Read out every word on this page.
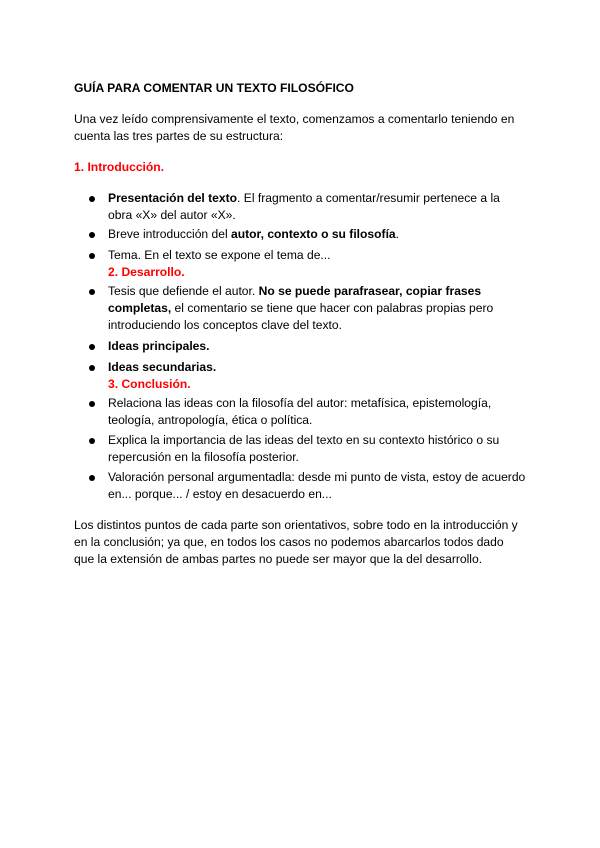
GUÍA PARA COMENTAR UN TEXTO FILOSÓFICO
Una vez leído comprensivamente el texto, comenzamos a comentarlo teniendo en cuenta las tres partes de su estructura:
1. Introducción.
Presentación del texto. El fragmento a comentar/resumir pertenece a la obra «X» del autor «X».
Breve introducción del autor, contexto o su filosofía.
Tema. En el texto se expone el tema de...
2. Desarrollo.
Tesis que defiende el autor. No se puede parafrasear, copiar frases completas, el comentario se tiene que hacer con palabras propias pero introduciendo los conceptos clave del texto.
Ideas principales.
Ideas secundarias.
3. Conclusión.
Relaciona las ideas con la filosofía del autor: metafísica, epistemología, teología, antropología, ética o política.
Explica la importancia de las ideas del texto en su contexto histórico o su repercusión en la filosofía posterior.
Valoración personal argumentadla: desde mi punto de vista, estoy de acuerdo en... porque... / estoy en desacuerdo en...
Los distintos puntos de cada parte son orientativos, sobre todo en la introducción y en la conclusión; ya que, en todos los casos no podemos abarcarlos todos dado que la extensión de ambas partes no puede ser mayor que la del desarrollo.
